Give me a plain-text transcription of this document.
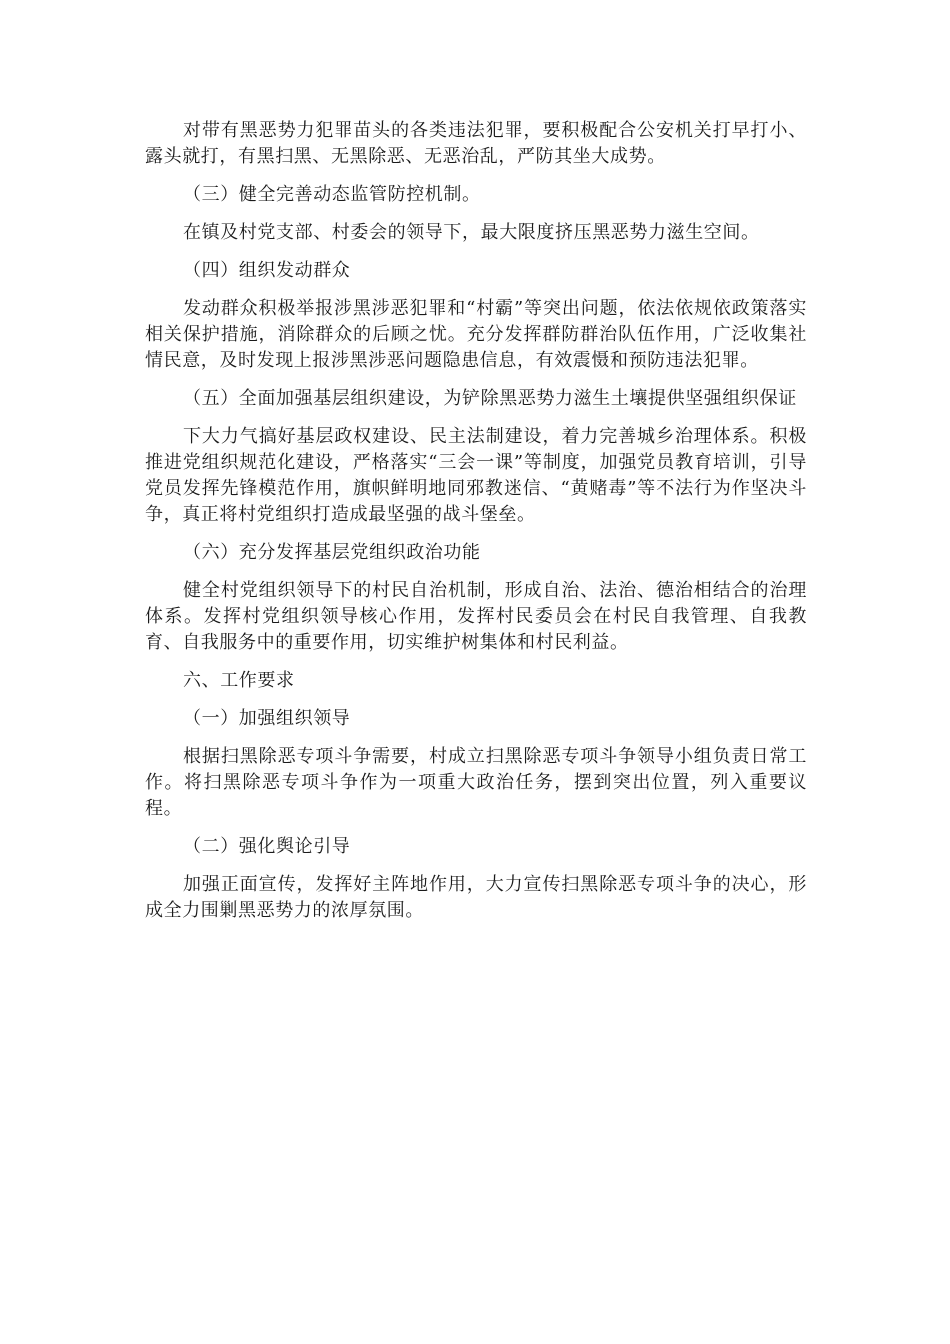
对带有黑恶势力犯罪苗头的各类违法犯罪，要积极配合公安机关打早打小、露头就打，有黑扫黑、无黑除恶、无恶治乱，严防其坐大成势。

（三）健全完善动态监管防控机制。

在镇及村党支部、村委会的领导下，最大限度挤压黑恶势力滋生空间。

（四）组织发动群众

发动群众积极举报涉黑涉恶犯罪和“村霸”等突出问题，依法依规依政策落实相关保护措施，消除群众的后顾之忧。充分发挥群防群治队伍作用，广泛收集社情民意，及时发现上报涉黑涉恶问题隐患信息，有效震慑和预防违法犯罪。

（五）全面加强基层组织建设，为铲除黑恶势力滋生土壤提供坚强组织保证

下大力气搞好基层政权建设、民主法制建设，着力完善城乡治理体系。积极推进党组织规范化建设，严格落实“三会一课”等制度，加强党员教育培训，引导党员发挥先锋模范作用，旗帜鲜明地同邪教迷信、“黄赌毒”等不法行为作坚决斗争，真正将村党组织打造成最坚强的战斗堡垒。

（六）充分发挥基层党组织政治功能

健全村党组织领导下的村民自治机制，形成自治、法治、德治相结合的治理体系。发挥村党组织领导核心作用，发挥村民委员会在村民自我管理、自我教育、自我服务中的重要作用，切实维护树集体和村民利益。

六、工作要求

（一）加强组织领导

根据扫黑除恶专项斗争需要，村成立扫黑除恶专项斗争领导小组负责日常工作。将扫黑除恶专项斗争作为一项重大政治任务，摆到突出位置，列入重要议程。

（二）强化舆论引导

加强正面宣传，发挥好主阵地作用，大力宣传扫黑除恶专项斗争的决心，形成全力围剿黑恶势力的浓厚氛围。
